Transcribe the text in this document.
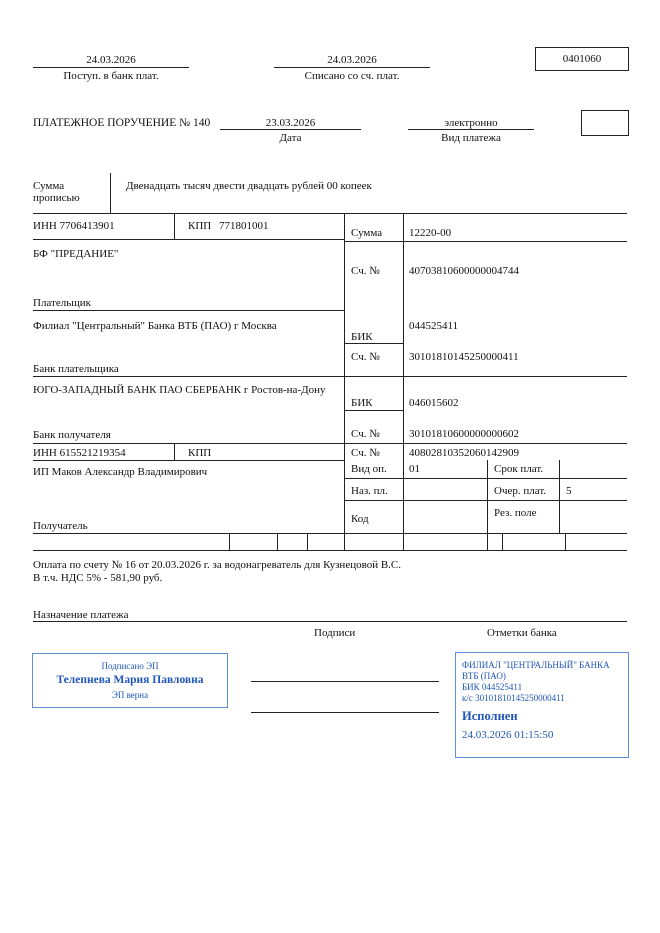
24.03.2026
Поступ. в банк плат.
24.03.2026
Списано со сч. плат.
0401060
ПЛАТЕЖНОЕ ПОРУЧЕНИЕ № 140	23.03.2026
Дата
электронно
Вид платежа
Сумма
прописью
Двенадцать тысяч двести двадцать рублей 00 копеек
ИНН 7706413901	КПП 771801001
Сумма 12220-00
БФ "ПРЕДАНИЕ"
Сч. №	40703810600000004744
Плательщик
Филиал "Центральный" Банка ВТБ (ПАО) г Москва	044525411
БИК
Сч. №	30101810145250000411
Банк плательщика
ЮГО-ЗАПАДНЫЙ БАНК ПАО СБЕРБАНК г Ростов-на-Дону
БИК	046015602
Сч. №	30101810600000000602
Банк получателя
ИНН 615521219354	КПП	Сч. №	40802810352060142909
ИП Маков Александр Владимирович	Вид оп. 01	Срок плат.
Наз. пл.	Очер. плат. 5
Код	Рез. поле
Получатель
Оплата по счету № 16 от 20.03.2026 г. за водонагреватель для Кузнецовой В.С.
В т.ч. НДС 5% - 581,90 руб.
Назначение платежа
Подписи	Отметки банка
Подписано ЭП
Телепнева Мария Павловна
ЭП верна
ФИЛИАЛ "ЦЕНТРАЛЬНЫЙ" БАНКА
ВТБ (ПАО)
БИК 044525411
к/с 30101810145250000411
Исполнен
24.03.2026 01:15:50
